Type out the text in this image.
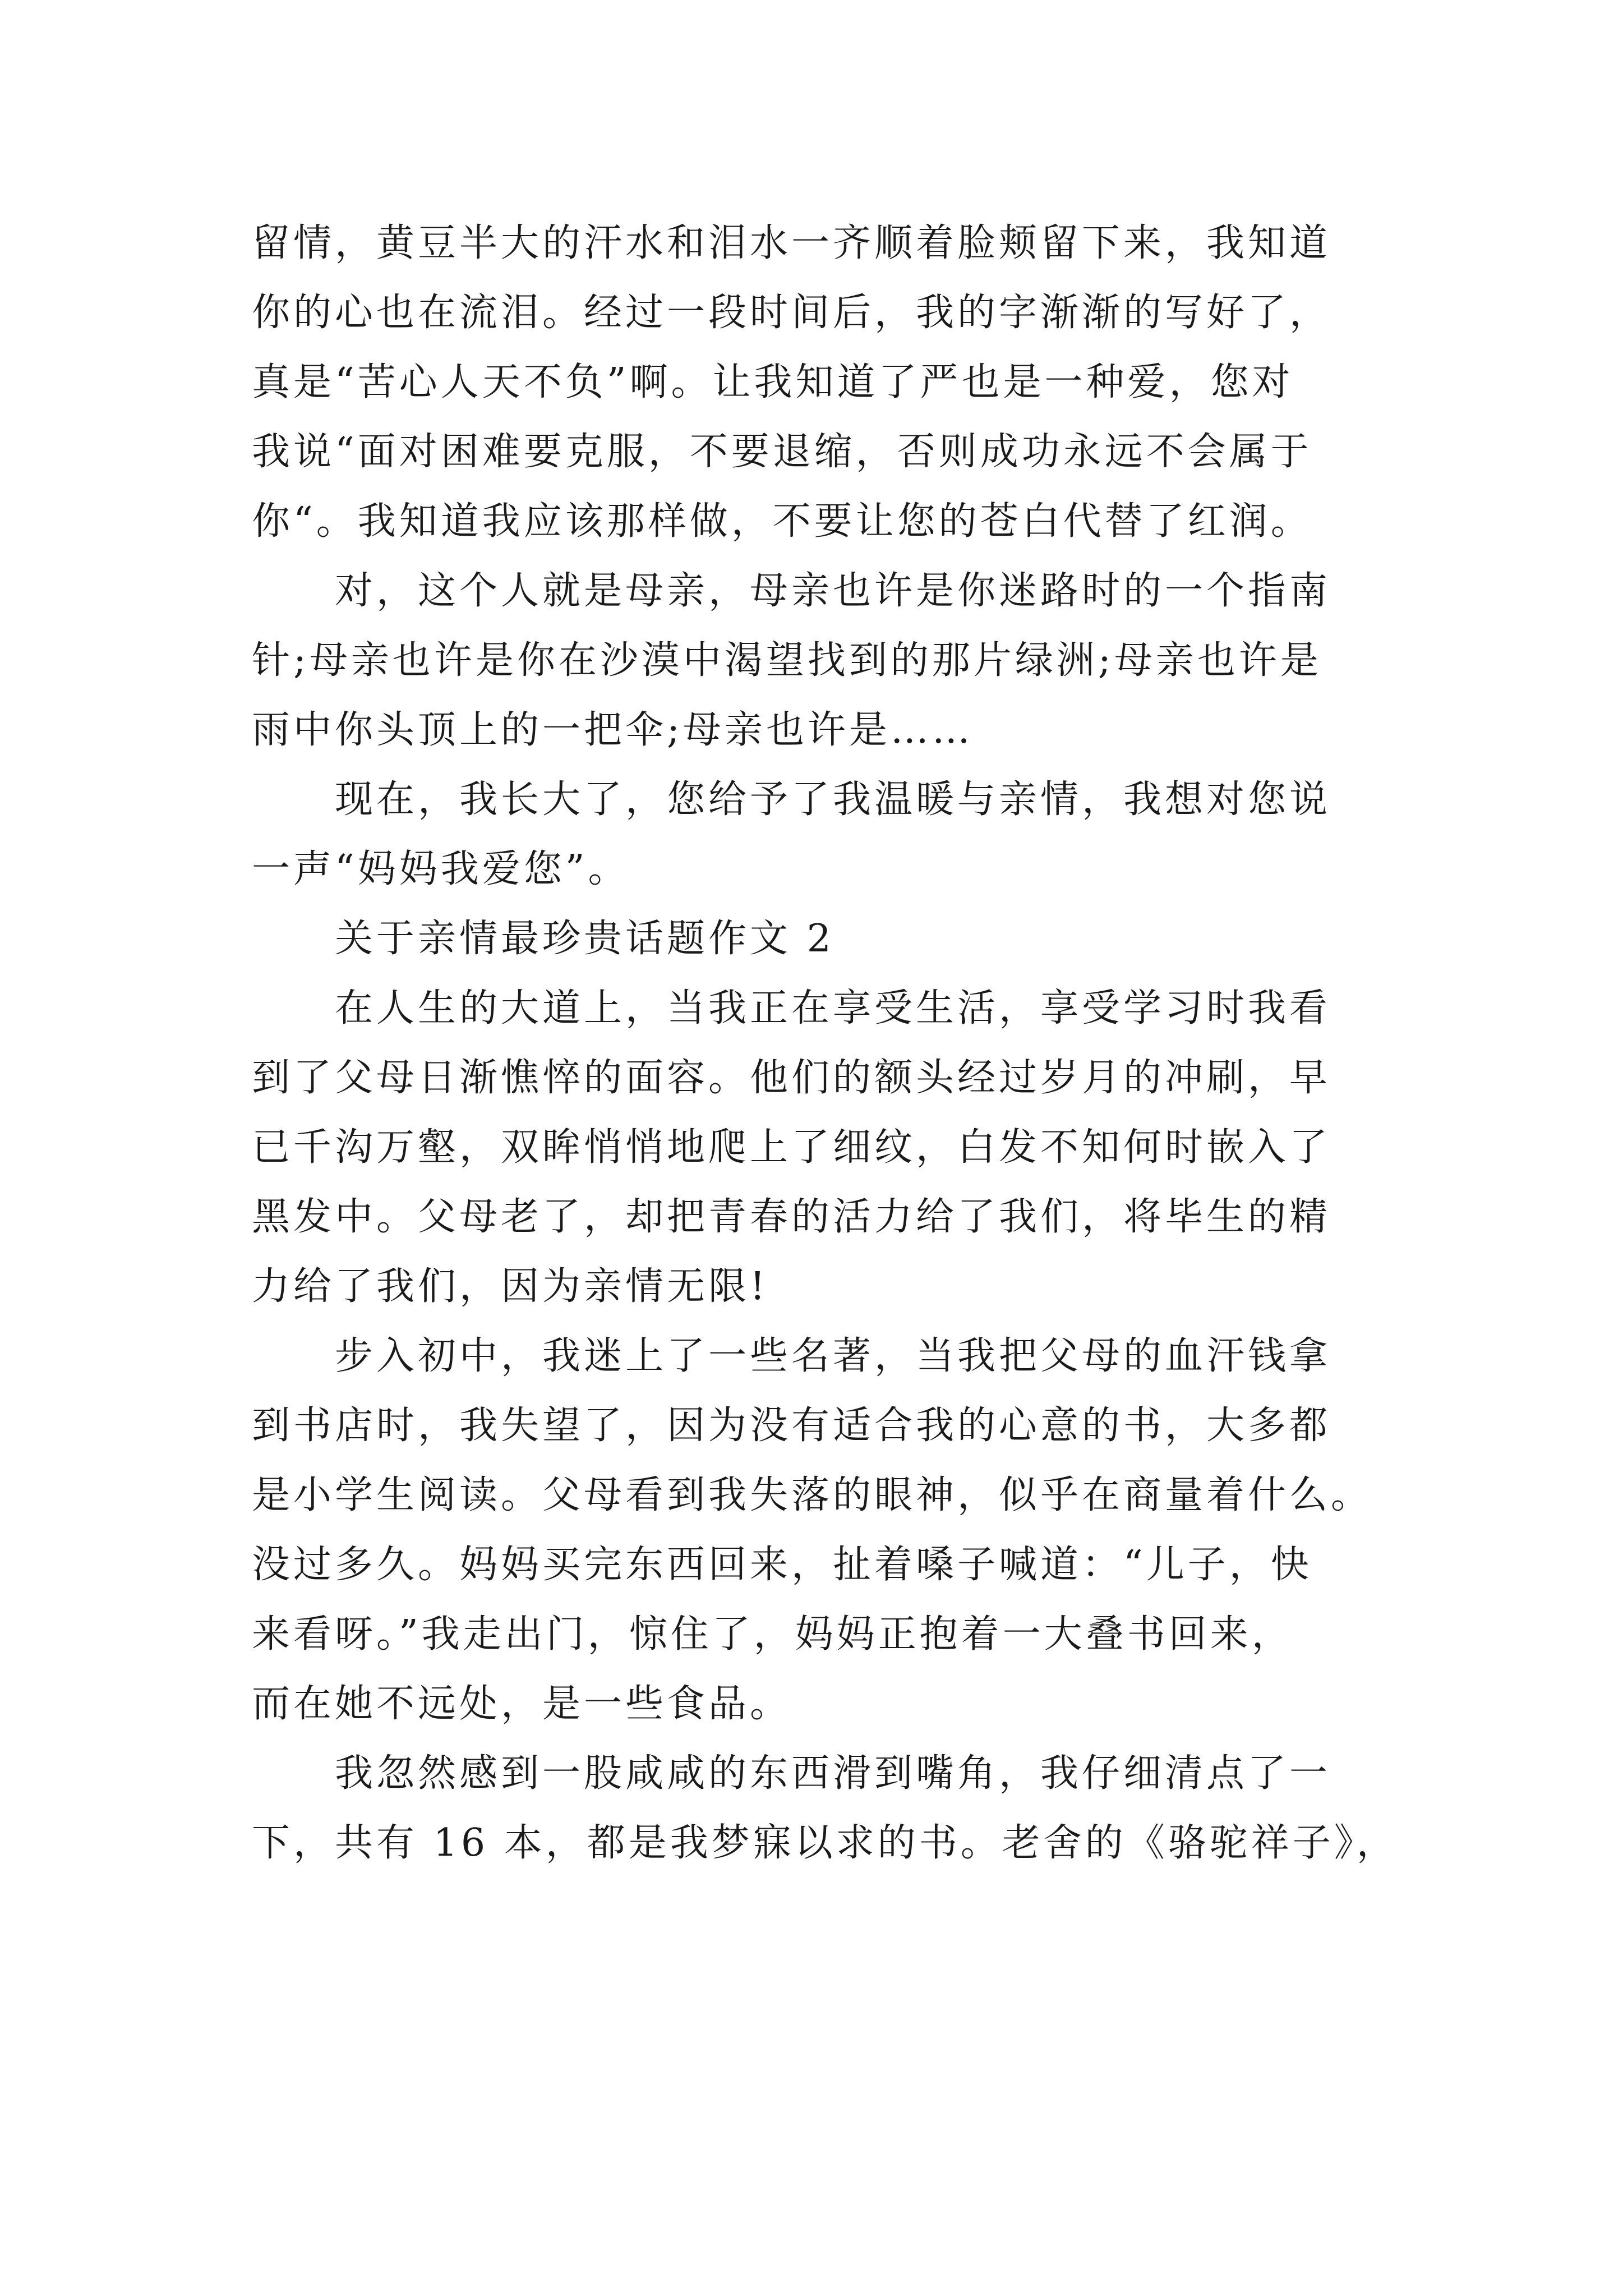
留情，黄豆半大的汗水和泪水一齐顺着脸颊留下来，我知道
你的心也在流泪。经过一段时间后，我的字渐渐的写好了，
真是“苦心人天不负”啊。让我知道了严也是一种爱，您对
我说“面对困难要克服，不要退缩，否则成功永远不会属于
你“。我知道我应该那样做，不要让您的苍白代替了红润。
对，这个人就是母亲，母亲也许是你迷路时的一个指南
针;母亲也许是你在沙漠中渴望找到的那片绿洲;母亲也许是
雨中你头顶上的一把伞;母亲也许是……
现在，我长大了，您给予了我温暖与亲情，我想对您说
一声“妈妈我爱您”。
关于亲情最珍贵话题作文 2
在人生的大道上，当我正在享受生活，享受学习时我看
到了父母日渐憔悴的面容。他们的额头经过岁月的冲刷，早
已千沟万壑，双眸悄悄地爬上了细纹，白发不知何时嵌入了
黑发中。父母老了，却把青春的活力给了我们，将毕生的精
力给了我们，因为亲情无限!
步入初中，我迷上了一些名著，当我把父母的血汗钱拿
到书店时，我失望了，因为没有适合我的心意的书，大多都
是小学生阅读。父母看到我失落的眼神，似乎在商量着什么。
没过多久。妈妈买完东西回来，扯着嗓子喊道：“儿子，快
来看呀。”我走出门，惊住了，妈妈正抱着一大叠书回来，
而在她不远处，是一些食品。
我忽然感到一股咸咸的东西滑到嘴角，我仔细清点了一
下，共有 16 本，都是我梦寐以求的书。老舍的《骆驼祥子》，
